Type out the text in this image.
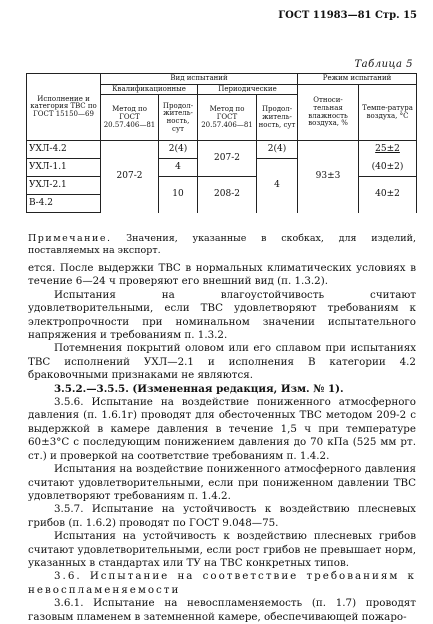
ГОСТ 11983—81 Стр. 15
Таблица 5
Исполнение и категория ТВС по ГОСТ 15150—69	Вид испытаний				Режим испытаний	
	Квалификационные		Периодические		Относи-тельная влажность воздуха, %	Темпе-ратура воздуха, °С
	Метод по ГОСТ 20.57.406—81	Продол-житель-ность, сут	Метод по ГОСТ 20.57.406—81	Продол-житель-ность, сут		
УХЛ-4.2	207-2	2(4)	207-2	2(4)	93±3	25±2
УХЛ-1.1		4		4		(40±2)
УХЛ-2.1		10	208-2			40±2
В-4.2						

Примечание. Значения, указанные в скобках, для изделий, поставляемых на экспорт.

ется. После выдержки ТВС в нормальных климатических условиях в течение 6—24 ч проверяют его внешний вид (п. 1.3.2).

Испытания на влагоустойчивость считают удовлетворительными, если ТВС удовлетворяют требованиям к электропрочности при номинальном значении испытательного напряжения и требованиям п. 1.3.2.

Потемнения покрытий оловом или его сплавом при испытаниях ТВС исполнений УХЛ—2.1 и исполнения В категории 4.2 браковочными признаками не являются.

3.5.2.—3.5.5. (Измененная редакция, Изм. № 1).

3.5.6. Испытание на воздействие пониженного атмосферного давления (п. 1.6.1г) проводят для обесточенных ТВС методом 209-2 с выдержкой в камере давления в течение 1,5 ч при температуре 60±3°С с последующим понижением давления до 70 кПа (525 мм рт. ст.) и проверкой на соответствие требованиям п. 1.4.2.

Испытания на воздействие пониженного атмосферного давления считают удовлетворительными, если при пониженном давлении ТВС удовлетворяют требованиям п. 1.4.2.

3.5.7. Испытание на устойчивость к воздействию плесневых грибов (п. 1.6.2) проводят по ГОСТ 9.048—75.

Испытания на устойчивость к воздействию плесневых грибов считают удовлетворительными, если рост грибов не превышает норм, указанных в стандартах или ТУ на ТВС конкретных типов.

3.6. Испытание на соответствие требованиям к невоспламеняемости

3.6.1. Испытание на невоспламеняемость (п. 1.7) проводят газовым пламенем в затемненной камере, обеспечивающей пожаро-
